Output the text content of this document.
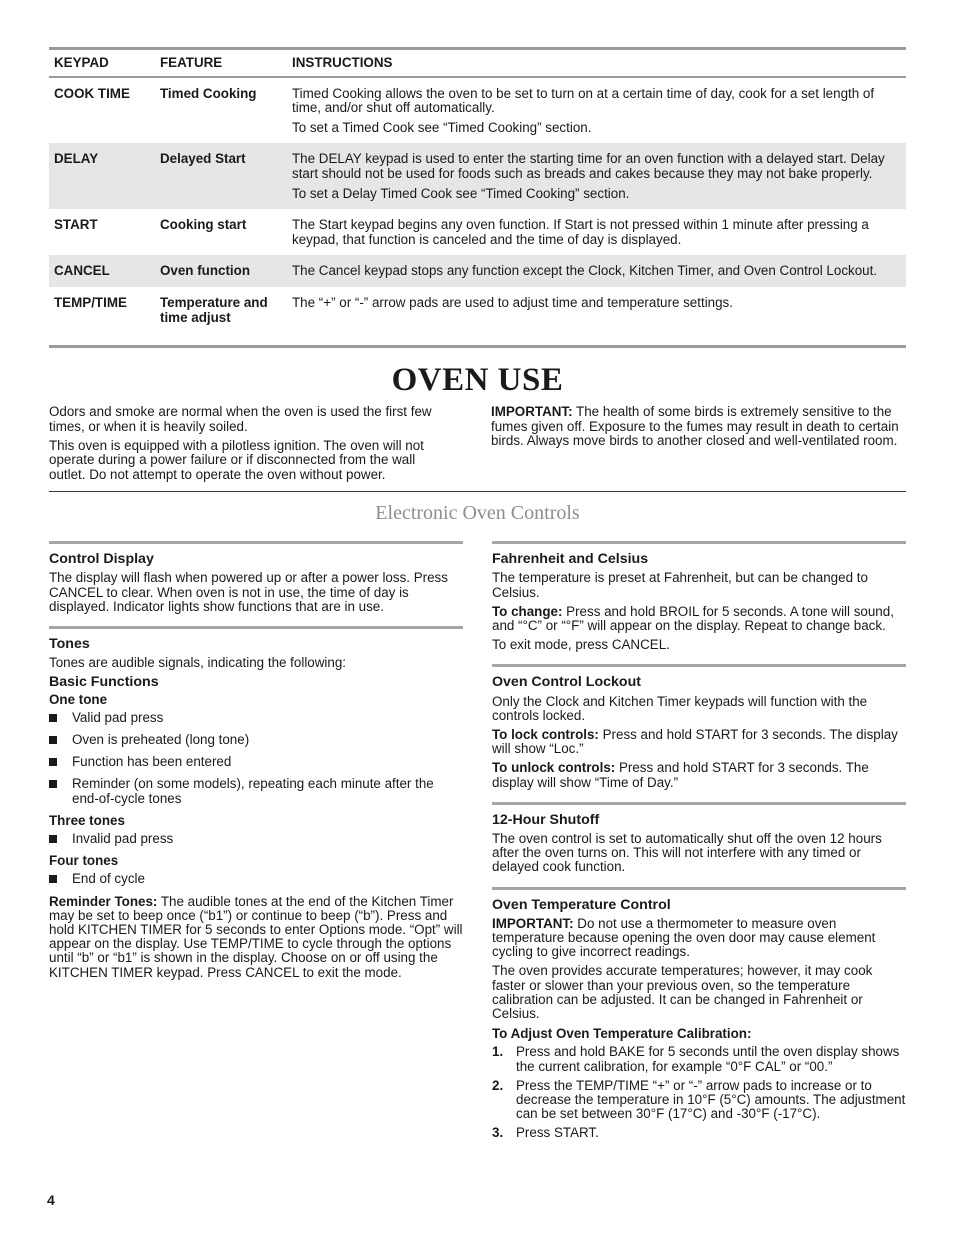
KEYPAD	FEATURE	INSTRUCTIONS
COOK TIME	Timed Cooking	Timed Cooking allows the oven to be set to turn on at a certain time of day, cook for a set length of time, and/or shut off automatically.

To set a Timed Cook see “Timed Cooking” section.

DELAY	Delayed Start	The DELAY keypad is used to enter the starting time for an oven function with a delayed start. Delay start should not be used for foods such as breads and cakes because they may not bake properly.

To set a Delay Timed Cook see “Timed Cooking” section.

START	Cooking start	The Start keypad begins any oven function. If Start is not pressed within 1 minute after pressing a keypad, that function is canceled and the time of day is displayed.

CANCEL	Oven function	The Cancel keypad stops any function except the Clock, Kitchen Timer, and Oven Control Lockout.

TEMP/TIME	Temperature and time adjust	The “+” or “-” arrow pads are used to adjust time and temperature settings.

OVEN USE

Odors and smoke are normal when the oven is used the first few times, or when it is heavily soiled.

This oven is equipped with a pilotless ignition. The oven will not operate during a power failure or if disconnected from the wall outlet. Do not attempt to operate the oven without power.

IMPORTANT: The health of some birds is extremely sensitive to the fumes given off. Exposure to the fumes may result in death to certain birds. Always move birds to another closed and well-ventilated room.

Electronic Oven Controls
Control Display

The display will flash when powered up or after a power loss. Press CANCEL to clear. When oven is not in use, the time of day is displayed. Indicator lights show functions that are in use.

Tones

Tones are audible signals, indicating the following:

Basic Functions
One tone
Valid pad press
Oven is preheated (long tone)
Function has been entered
Reminder (on some models), repeating each minute after the end-of-cycle tones
Three tones
Invalid pad press
Four tones
End of cycle

Reminder Tones: The audible tones at the end of the Kitchen Timer may be set to beep once (“b1”) or continue to beep (“b”). Press and hold KITCHEN TIMER for 5 seconds to enter Options mode. “Opt” will appear on the display. Use TEMP/TIME to cycle through the options until “b” or “b1” is shown in the display. Choose on or off using the KITCHEN TIMER keypad. Press CANCEL to exit the mode.

Fahrenheit and Celsius

The temperature is preset at Fahrenheit, but can be changed to Celsius.

To change: Press and hold BROIL for 5 seconds. A tone will sound, and “°C” or “°F” will appear on the display. Repeat to change back.

To exit mode, press CANCEL.

Oven Control Lockout

Only the Clock and Kitchen Timer keypads will function with the controls locked.

To lock controls: Press and hold START for 3 seconds. The display will show “Loc.”

To unlock controls: Press and hold START for 3 seconds. The display will show “Time of Day.”

12-Hour Shutoff

The oven control is set to automatically shut off the oven 12 hours after the oven turns on. This will not interfere with any timed or delayed cook function.

Oven Temperature Control

IMPORTANT: Do not use a thermometer to measure oven temperature because opening the oven door may cause element cycling to give incorrect readings.

The oven provides accurate temperatures; however, it may cook faster or slower than your previous oven, so the temperature calibration can be adjusted. It can be changed in Fahrenheit or Celsius.

To Adjust Oven Temperature Calibration:
1. Press and hold BAKE for 5 seconds until the oven display shows the current calibration, for example “0°F CAL” or “00.”
2. Press the TEMP/TIME “+” or “-” arrow pads to increase or to decrease the temperature in 10°F (5°C) amounts. The adjustment can be set between 30°F (17°C) and -30°F (-17°C).
3. Press START.
4
